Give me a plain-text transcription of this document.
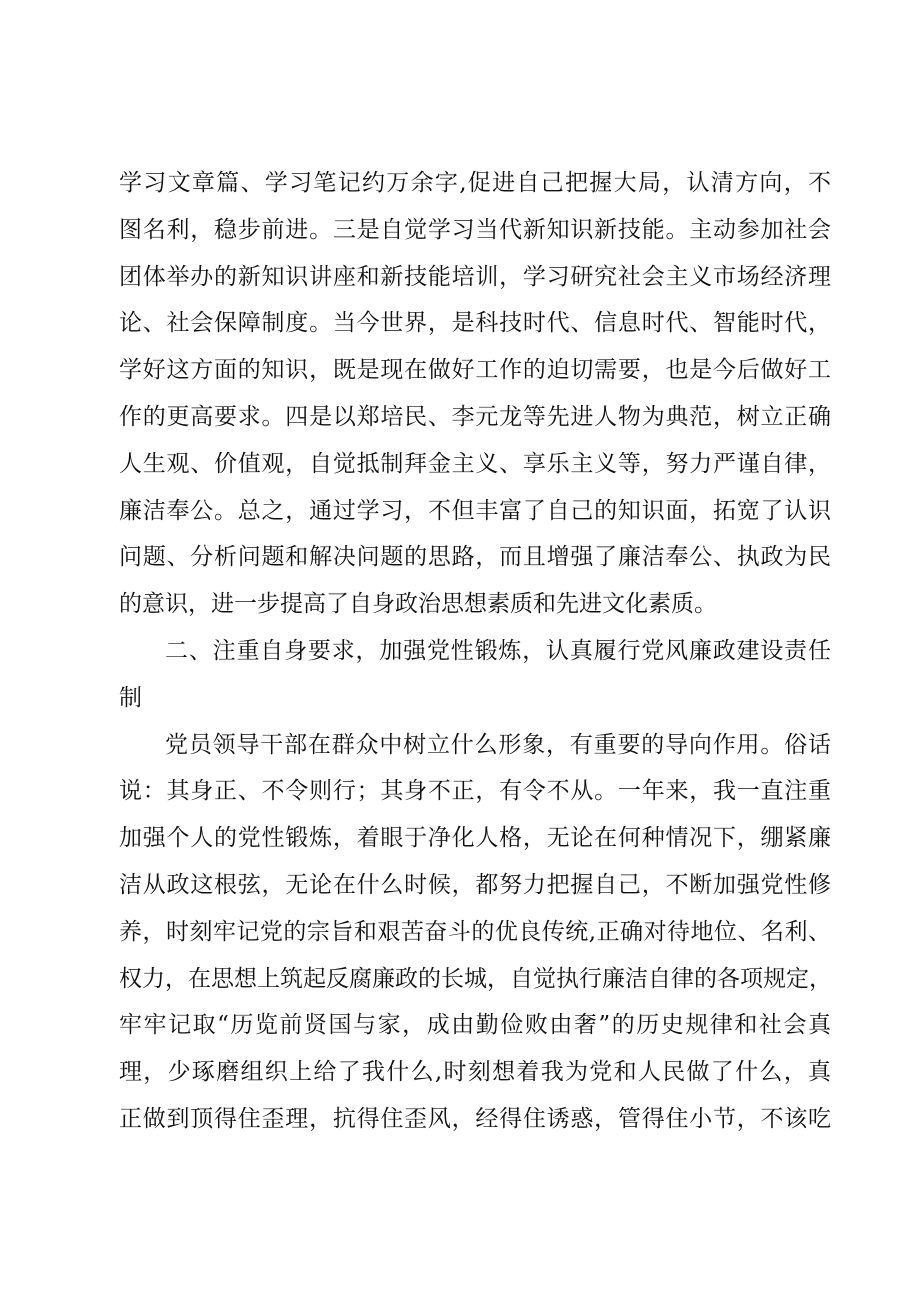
学习文章篇、学习笔记约万余字,促进自己把握大局，认清方向，不
图名利，稳步前进。三是自觉学习当代新知识新技能。主动参加社会
团体举办的新知识讲座和新技能培训，学习研究社会主义市场经济理
论、社会保障制度。当今世界，是科技时代、信息时代、智能时代，
学好这方面的知识，既是现在做好工作的迫切需要，也是今后做好工
作的更高要求。四是以郑培民、李元龙等先进人物为典范，树立正确
人生观、价值观，自觉抵制拜金主义、享乐主义等，努力严谨自律，
廉洁奉公。总之，通过学习，不但丰富了自己的知识面，拓宽了认识
问题、分析问题和解决问题的思路，而且增强了廉洁奉公、执政为民
的意识，进一步提高了自身政治思想素质和先进文化素质。
二、注重自身要求，加强党性锻炼，认真履行党风廉政建设责任
制
党员领导干部在群众中树立什么形象，有重要的导向作用。俗话
说：其身正、不令则行；其身不正，有令不从。一年来，我一直注重
加强个人的党性锻炼，着眼于净化人格，无论在何种情况下，绷紧廉
洁从政这根弦，无论在什么时候，都努力把握自己，不断加强党性修
养，时刻牢记党的宗旨和艰苦奋斗的优良传统,正确对待地位、名利、
权力，在思想上筑起反腐廉政的长城，自觉执行廉洁自律的各项规定，
牢牢记取“历览前贤国与家，成由勤俭败由奢”的历史规律和社会真
理，少琢磨组织上给了我什么,时刻想着我为党和人民做了什么，真
正做到顶得住歪理，抗得住歪风，经得住诱惑，管得住小节，不该吃
